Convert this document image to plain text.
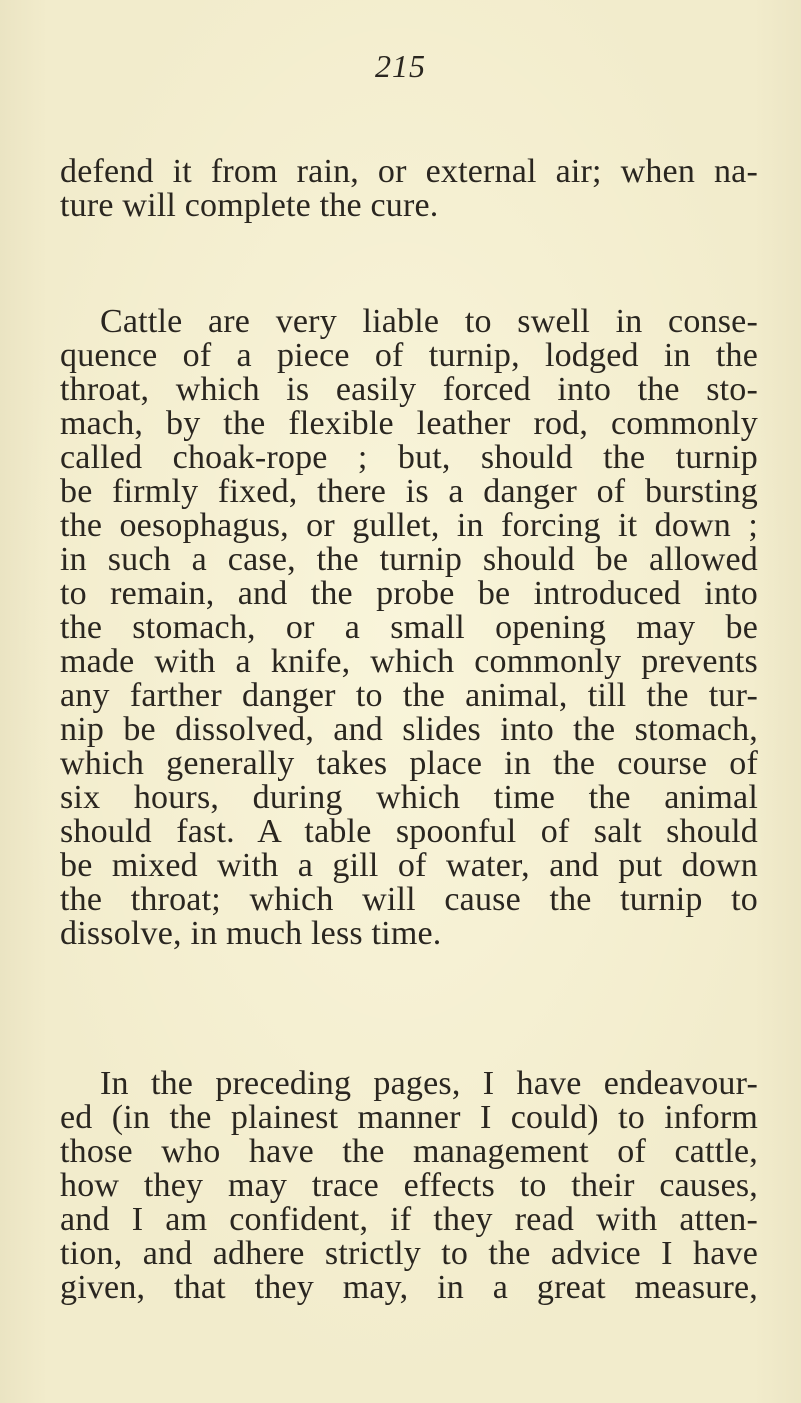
215
defend it from rain, or external air; when na-
ture will complete the cure.
Cattle are very liable to swell in conse-
quence of a piece of turnip, lodged in the
throat, which is easily forced into the sto-
mach, by the flexible leather rod, commonly
called choak-rope ; but, should the turnip
be firmly fixed, there is a danger of bursting
the oesophagus, or gullet, in forcing it down ;
in such a case, the turnip should be allowed
to remain, and the probe be introduced into
the stomach, or a small opening may be
made with a knife, which commonly prevents
any farther danger to the animal, till the tur-
nip be dissolved, and slides into the stomach,
which generally takes place in the course of
six hours, during which time the animal
should fast. A table spoonful of salt should
be mixed with a gill of water, and put down
the throat; which will cause the turnip to
dissolve, in much less time.
In the preceding pages, I have endeavour-
ed (in the plainest manner I could) to inform
those who have the management of cattle,
how they may trace effects to their causes,
and I am confident, if they read with atten-
tion, and adhere strictly to the advice I have
given, that they may, in a great measure,
